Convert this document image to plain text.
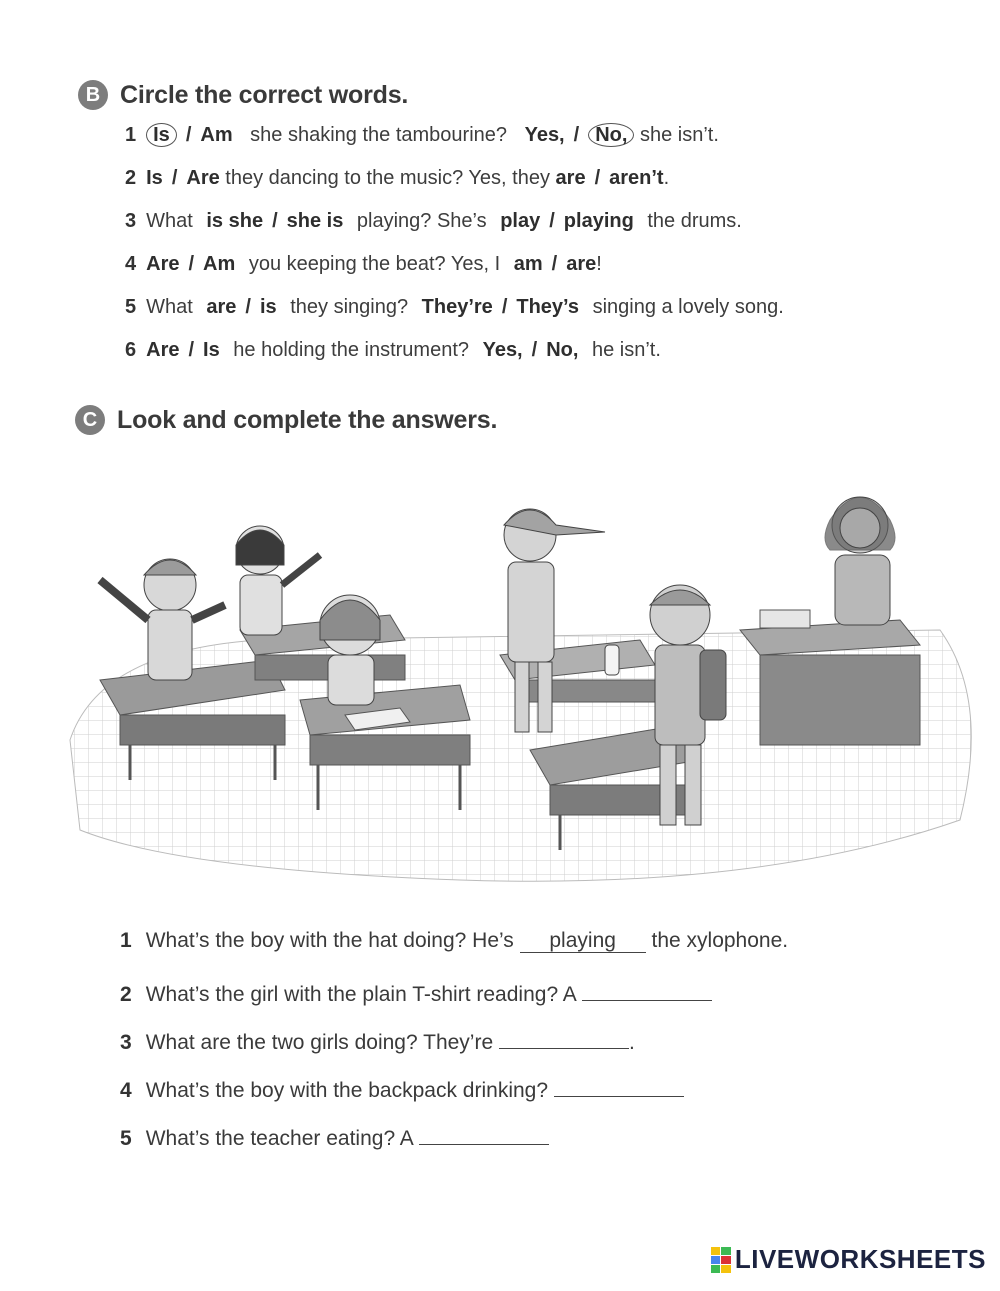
B Circle the correct words.
1 Is / Am she shaking the tambourine? Yes, / No, she isn’t.
2 Is / Are they dancing to the music? Yes, they are / aren’t.
3 What is she / she is playing? She’s play / playing the drums.
4 Are / Am you keeping the beat? Yes, I am / are!
5 What are / is they singing? They’re / They’s singing a lovely song.
6 Are / Is he holding the instrument? Yes, / No, he isn’t.
C Look and complete the answers.
1 What’s the boy with the hat doing? He’s playing the xylophone.
2 What’s the girl with the plain T-shirt reading? A
3 What are the two girls doing? They’re	.
4 What’s the boy with the backpack drinking?
5 What’s the teacher eating? A
LIVEWORKSHEETS
